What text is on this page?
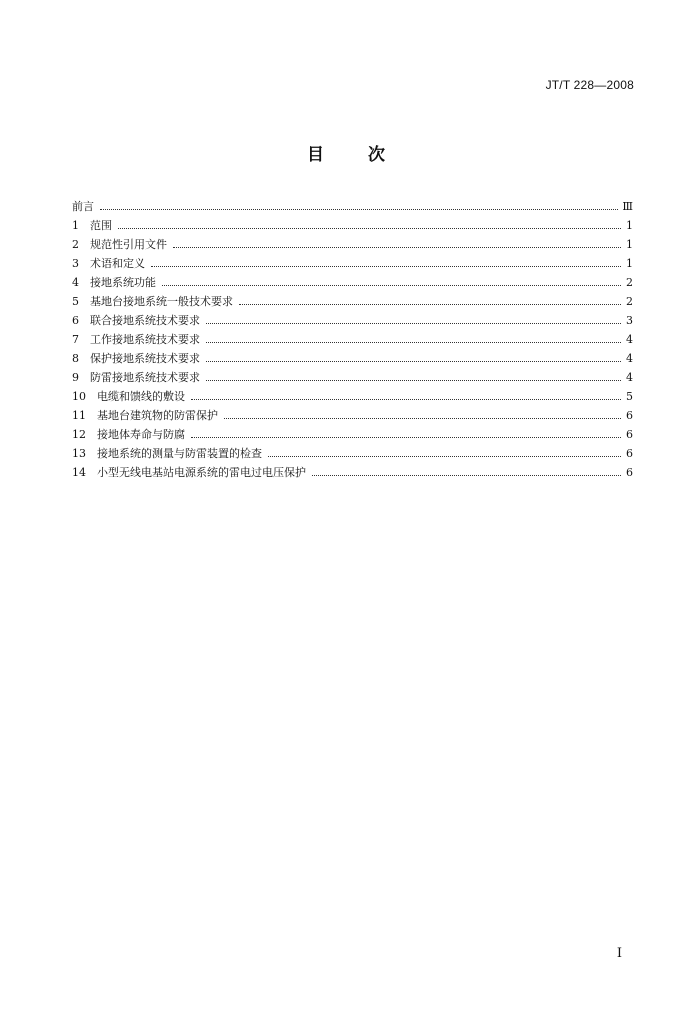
JT/T 228—2008
目次
前言	Ⅲ
1	范围	1
2	规范性引用文件	1
3	术语和定义	1
4	接地系统功能	2
5	基地台接地系统一般技术要求	2
6	联合接地系统技术要求	3
7	工作接地系统技术要求	4
8	保护接地系统技术要求	4
9	防雷接地系统技术要求	4
10	电缆和馈线的敷设	5
11	基地台建筑物的防雷保护	6
12	接地体寿命与防腐	6
13	接地系统的测量与防雷装置的检查	6
14	小型无线电基站电源系统的雷电过电压保护	6
I
